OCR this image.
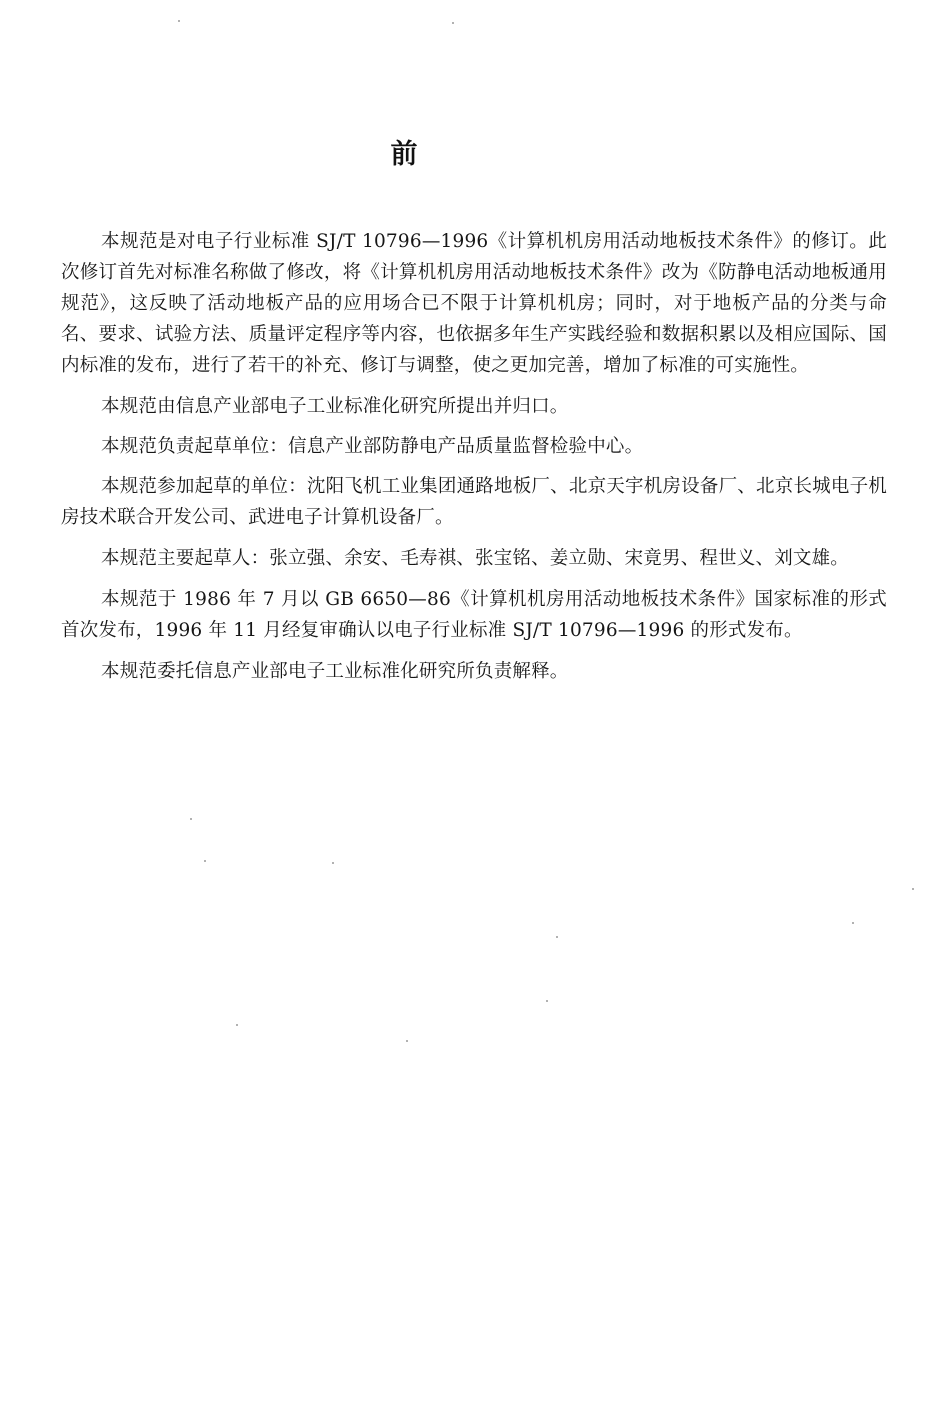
前

本规范是对电子行业标准 SJ/T 10796—1996《计算机机房用活动地板技术条件》的修订。此次修订首先对标准名称做了修改，将《计算机机房用活动地板技术条件》改为《防静电活动地板通用规范》，这反映了活动地板产品的应用场合已不限于计算机机房；同时，对于地板产品的分类与命名、要求、试验方法、质量评定程序等内容，也依据多年生产实践经验和数据积累以及相应国际、国内标准的发布，进行了若干的补充、修订与调整，使之更加完善，增加了标准的可实施性。

本规范由信息产业部电子工业标准化研究所提出并归口。

本规范负责起草单位：信息产业部防静电产品质量监督检验中心。

本规范参加起草的单位：沈阳飞机工业集团通路地板厂、北京天宇机房设备厂、北京长城电子机房技术联合开发公司、武进电子计算机设备厂。

本规范主要起草人：张立强、余安、毛寿祺、张宝铭、姜立勋、宋竟男、程世义、刘文雄。

本规范于 1986 年 7 月以 GB 6650—86《计算机机房用活动地板技术条件》国家标准的形式首次发布，1996 年 11 月经复审确认以电子行业标准 SJ/T 10796—1996 的形式发布。

本规范委托信息产业部电子工业标准化研究所负责解释。
